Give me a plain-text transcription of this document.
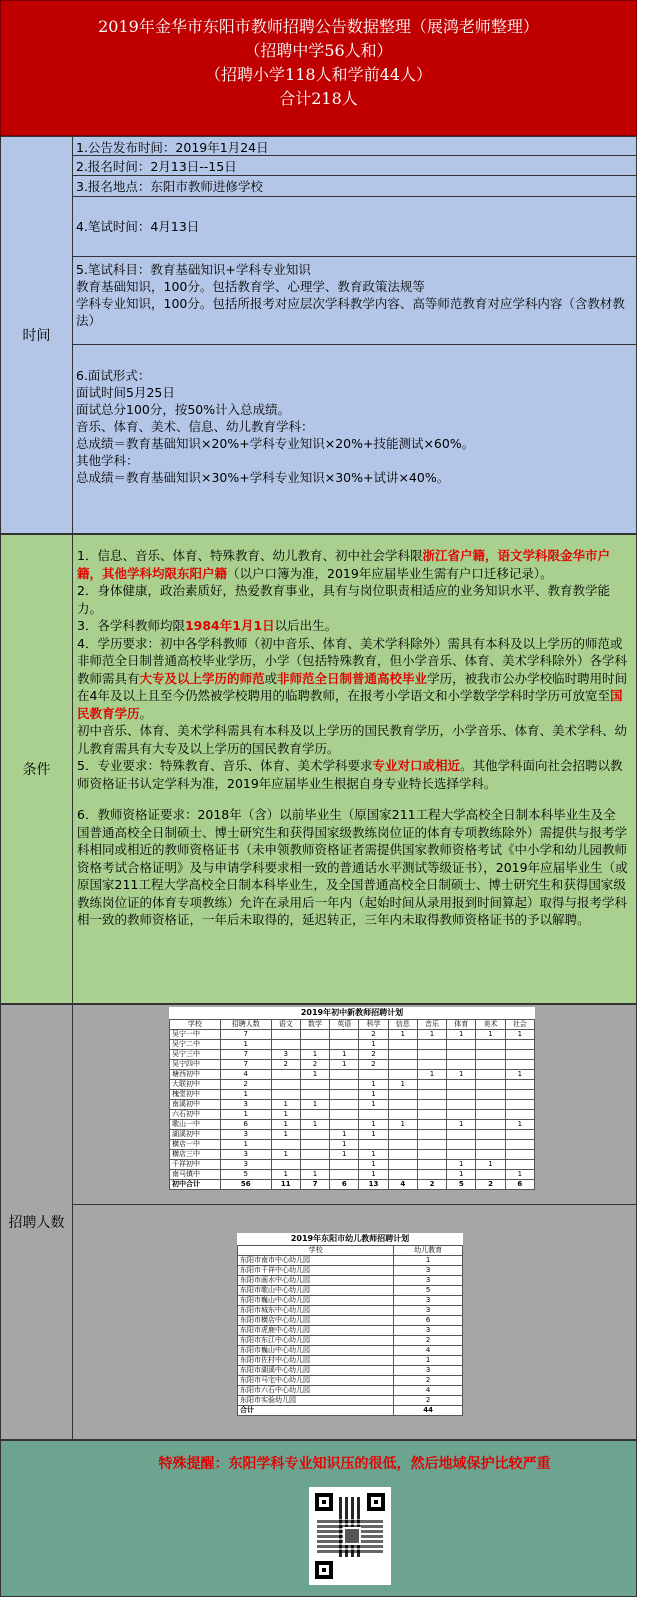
2019年金华市东阳市教师招聘公告数据整理（展鸿老师整理）
（招聘中学56人和）
（招聘小学118人和学前44人）
合计218人
时间
1.公告发布时间：2019年1月24日
2.报名时间：2月13日--15日
3.报名地点：东阳市教师进修学校
4.笔试时间：4月13日
5.笔试科目：教育基础知识+学科专业知识
教育基础知识，100分。包括教育学、心理学、教育政策法规等
学科专业知识，100分。包括所报考对应层次学科教学内容、高等师范教育对应学科内容（含教材教法）
6.面试形式：
面试时间5月25日
面试总分100分，按50%计入总成绩。
音乐、体育、美术、信息、幼儿教育学科：
总成绩＝教育基础知识×20%+学科专业知识×20%+技能测试×60%。
其他学科：
总成绩＝教育基础知识×30%+学科专业知识×30%+试讲×40%。
条件
1．信息、音乐、体育、特殊教育、幼儿教育、初中社会学科限浙江省户籍，语文学科限金华市户籍，其他学科均限东阳户籍（以户口簿为准，2019年应届毕业生需有户口迁移记录）。
2．身体健康，政治素质好，热爱教育事业，具有与岗位职责相适应的业务知识水平、教育教学能力。
3．各学科教师均限1984年1月1日以后出生。
4．学历要求：初中各学科教师（初中音乐、体育、美术学科除外）需具有本科及以上学历的师范或非师范全日制普通高校毕业学历，小学（包括特殊教育，但小学音乐、体育、美术学科除外）各学科教师需具有大专及以上学历的师范或非师范全日制普通高校毕业学历，被我市公办学校临时聘用时间在4年及以上且至今仍然被学校聘用的临聘教师，在报考小学语文和小学数学学科时学历可放宽至国民教育学历。
初中音乐、体育、美术学科需具有本科及以上学历的国民教育学历，小学音乐、体育、美术学科、幼儿教育需具有大专及以上学历的国民教育学历。
5．专业要求：特殊教育、音乐、体育、美术学科要求专业对口或相近。其他学科面向社会招聘以教师资格证书认定学科为准，2019年应届毕业生根据自身专业特长选择学科。
6．教师资格证要求：2018年（含）以前毕业生（原国家211工程大学高校全日制本科毕业生及全国普通高校全日制硕士、博士研究生和获得国家级教练岗位证的体育专项教练除外）需提供与报考学科相同或相近的教师资格证书（未申领教师资格证者需提供国家教师资格考试《中小学和幼儿园教师资格考试合格证明》及与申请学科要求相一致的普通话水平测试等级证书），2019年应届毕业生（或原国家211工程大学高校全日制本科毕业生，及全国普通高校全日制硕士、博士研究生和获得国家级教练岗位证的体育专项教练）允许在录用后一年内（起始时间从录用报到时间算起）取得与报考学科相一致的教师资格证，一年后未取得的，延迟转正，三年内未取得教师资格证书的予以解聘。
招聘人数
2019年初中新教师招聘计划										
学校	招聘人数	语文	数学	英语	科学	信息	音乐	体育	美术	社会
吴宁一中	7				2	1	1	1	1	1
吴宁二中	1				1					
吴宁三中	7	3	1	1	2					
吴宁四中	7	2	2	1	2					
塘西初中	4		1				1	1		1
大联初中	2				1	1				
槐堂初中	1				1					
南溪初中	3	1	1		1					
六石初中	1	1								
歌山一中	6	1	1		1	1		1		1
湖溪初中	3	1		1	1					
横店一中	1			1						
横店三中	3	1		1	1					
千祥初中	3				1			1	1	
南马镇中	5	1	1		1			1		1
初中合计	56	11	7	6	13	4	2	5	2	6
2019年东阳市幼儿教师招聘计划	
学校	幼儿教育
东阳市南市中心幼儿园	1
东阳市千祥中心幼儿园	3
东阳市画水中心幼儿园	3
东阳市歌山中心幼儿园	5
东阳市巍山中心幼儿园	3
东阳市城东中心幼儿园	3
东阳市横店中心幼儿园	6
东阳市虎鹿中心幼儿园	3
东阳市东江中心幼儿园	2
东阳市巍山中心幼儿园	4
东阳市佐村中心幼儿园	1
东阳市湖溪中心幼儿园	3
东阳市马宅中心幼儿园	2
东阳市六石中心幼儿园	4
东阳市实验幼儿园	2
合计	44
特殊提醒：东阳学科专业知识压的很低，然后地域保护比较严重
